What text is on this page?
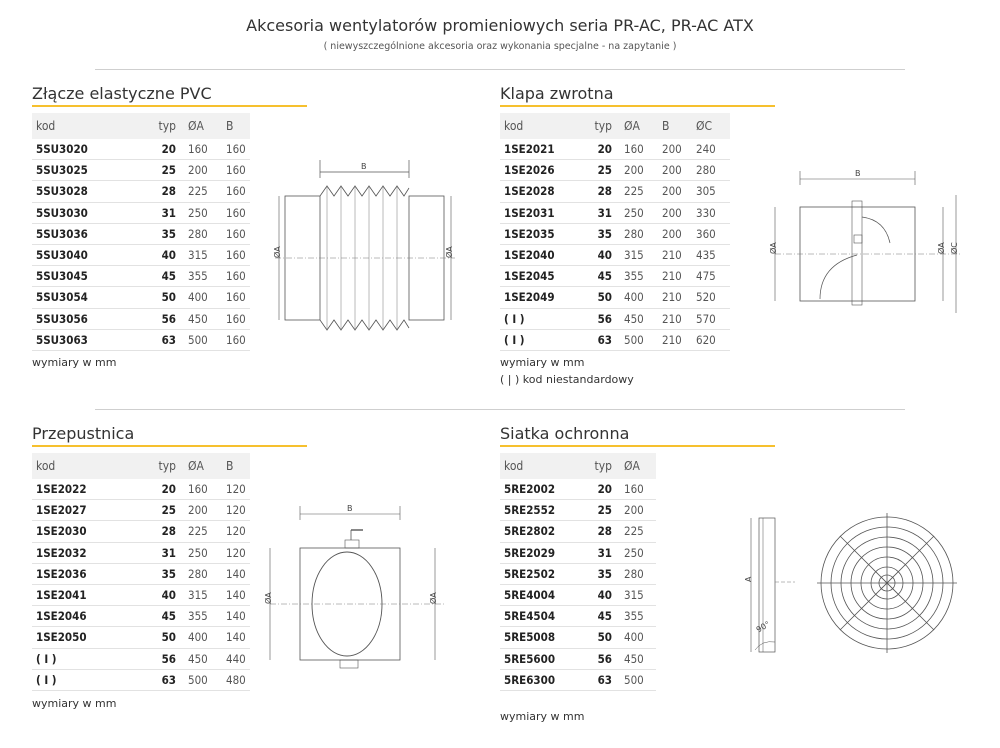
Akcesoria wentylatorów promieniowych seria PR-AC, PR-AC ATX
( niewyszczególnione akcesoria oraz wykonania specjalne - na zapytanie )
Złącze elastyczne PVC
kod	typ	ØA	B
5SU3020	20	160	160
5SU3025	25	200	160
5SU3028	28	225	160
5SU3030	31	250	160
5SU3036	35	280	160
5SU3040	40	315	160
5SU3045	45	355	160
5SU3054	50	400	160
5SU3056	56	450	160
5SU3063	63	500	160
wymiary w mm
B
ØA	ØA
Klapa zwrotna
kod	typ	ØA	B	ØC
1SE2021	20	160	200	240
1SE2026	25	200	200	280
1SE2028	28	225	200	305
1SE2031	31	250	200	330
1SE2035	35	280	200	360
1SE2040	40	315	210	435
1SE2045	45	355	210	475
1SE2049	50	400	210	520
( I )	56	450	210	570
( I )	63	500	210	620
wymiary w mm
( | ) kod niestandardowy
B
ØA	ØA ØC
Przepustnica
kod	typ	ØA	B
1SE2022	20	160	120
1SE2027	25	200	120
1SE2030	28	225	120
1SE2032	31	250	120
1SE2036	35	280	140
1SE2041	40	315	140
1SE2046	45	355	140
1SE2050	50	400	140
( I )	56	450	440
( I )	63	500	480
wymiary w mm
B
ØA	ØA
Siatka ochronna
kod	typ	ØA
5RE2002	20	160
5RE2552	25	200
5RE2802	28	225
5RE2029	31	250
5RE2502	35	280
5RE4004	40	315
5RE4504	45	355
5RE5008	50	400
5RE5600	56	450
5RE6300	63	500
wymiary w mm
A
90°
